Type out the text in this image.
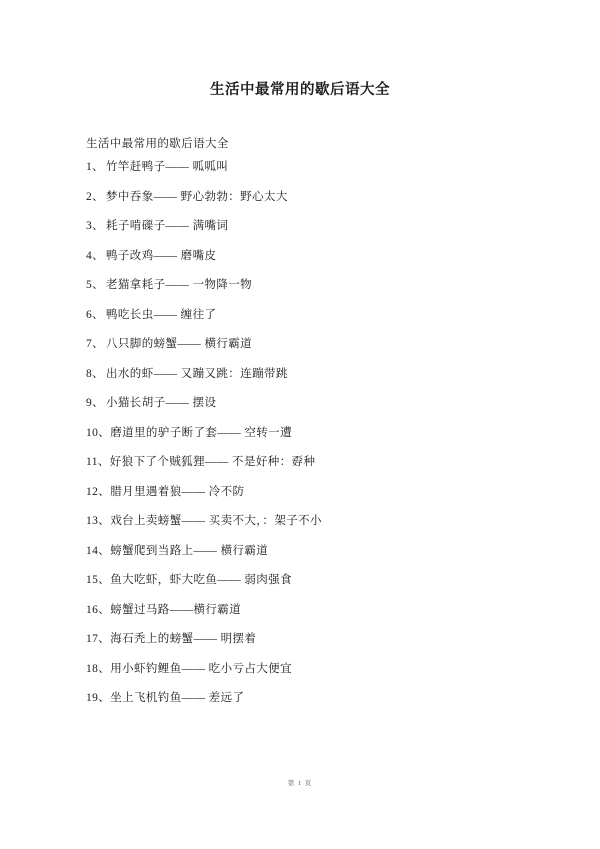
生活中最常用的歇后语大全

生活中最常用的歇后语大全

1、 竹竿赶鸭子—— 呱呱叫
2、 梦中吞象—— 野心勃勃：野心太大
3、 耗子啃磲子—— 满嘴词
4、 鸭子改鸡—— 磨嘴皮
5、 老猫拿耗子—— 一物降一物
6、 鸭吃长虫—— 缠往了
7、 八只脚的螃蟹—— 横行霸道
8、 出水的虾—— 又蹦又跳：连蹦带跳
9、 小猫长胡子—— 摆设
10、磨道里的驴子断了套—— 空转一遭
11、好狼下了个贼狐狸—— 不是好种：孬种
12、腊月里遇着狼—— 冷不防
13、戏台上卖螃蟹—— 买卖不大，：架子不小
14、螃蟹爬到当路上—— 横行霸道
15、鱼大吃虾，虾大吃鱼—— 弱肉强食
16、螃蟹过马路——横行霸道
17、海石秃上的螃蟹—— 明摆着
18、用小虾钓鲤鱼—— 吃小亏占大便宜
19、坐上飞机钓鱼—— 差远了
第 1 页
